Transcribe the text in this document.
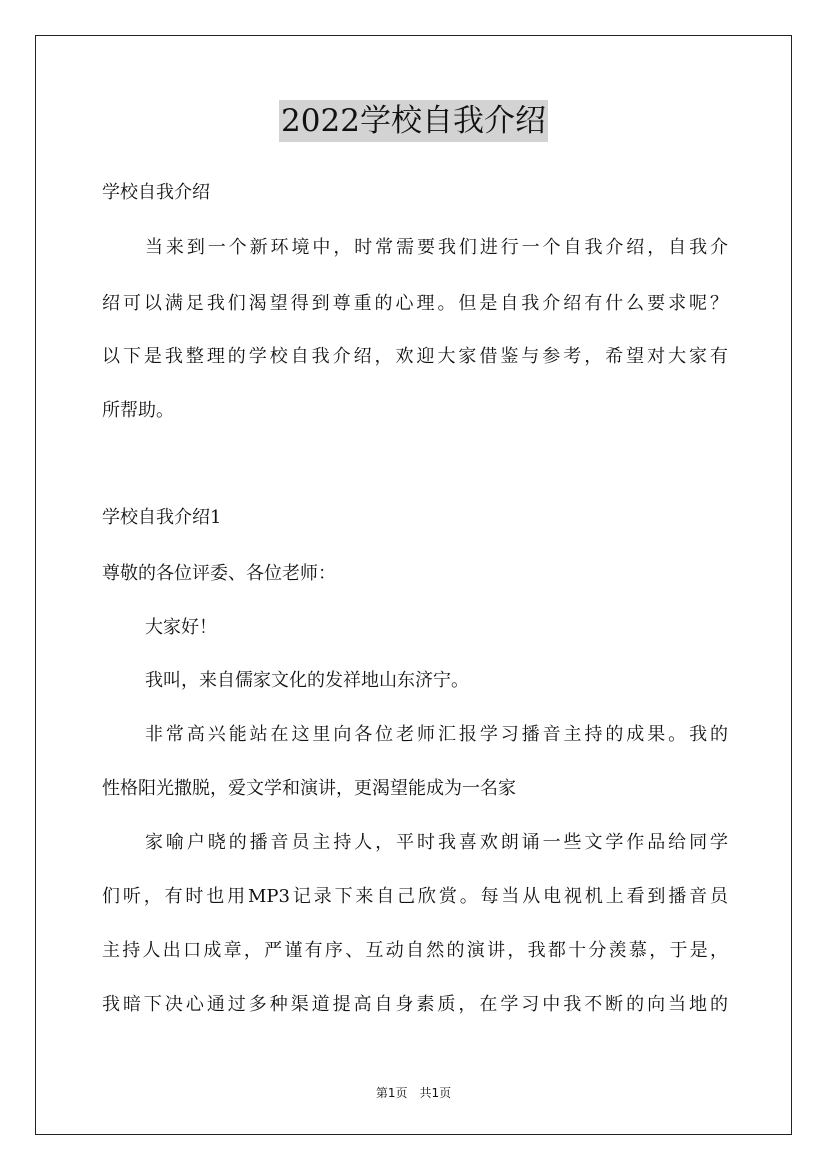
2022学校自我介绍
学校自我介绍
当来到一个新环境中，时常需要我们进行一个自我介绍，自我介
绍可以满足我们渴望得到尊重的心理。但是自我介绍有什么要求呢？
以下是我整理的学校自我介绍，欢迎大家借鉴与参考，希望对大家有
所帮助。
学校自我介绍1
尊敬的各位评委、各位老师：
大家好！
我叫，来自儒家文化的发祥地山东济宁。
非常高兴能站在这里向各位老师汇报学习播音主持的成果。我的
性格阳光撒脱，爱文学和演讲，更渴望能成为一名家
家喻户晓的播音员主持人，平时我喜欢朗诵一些文学作品给同学
们听，有时也用MP3记录下来自己欣赏。每当从电视机上看到播音员
主持人出口成章，严谨有序、互动自然的演讲，我都十分羡慕，于是，
我暗下决心通过多种渠道提高自身素质，在学习中我不断的向当地的
第1页　共1页
